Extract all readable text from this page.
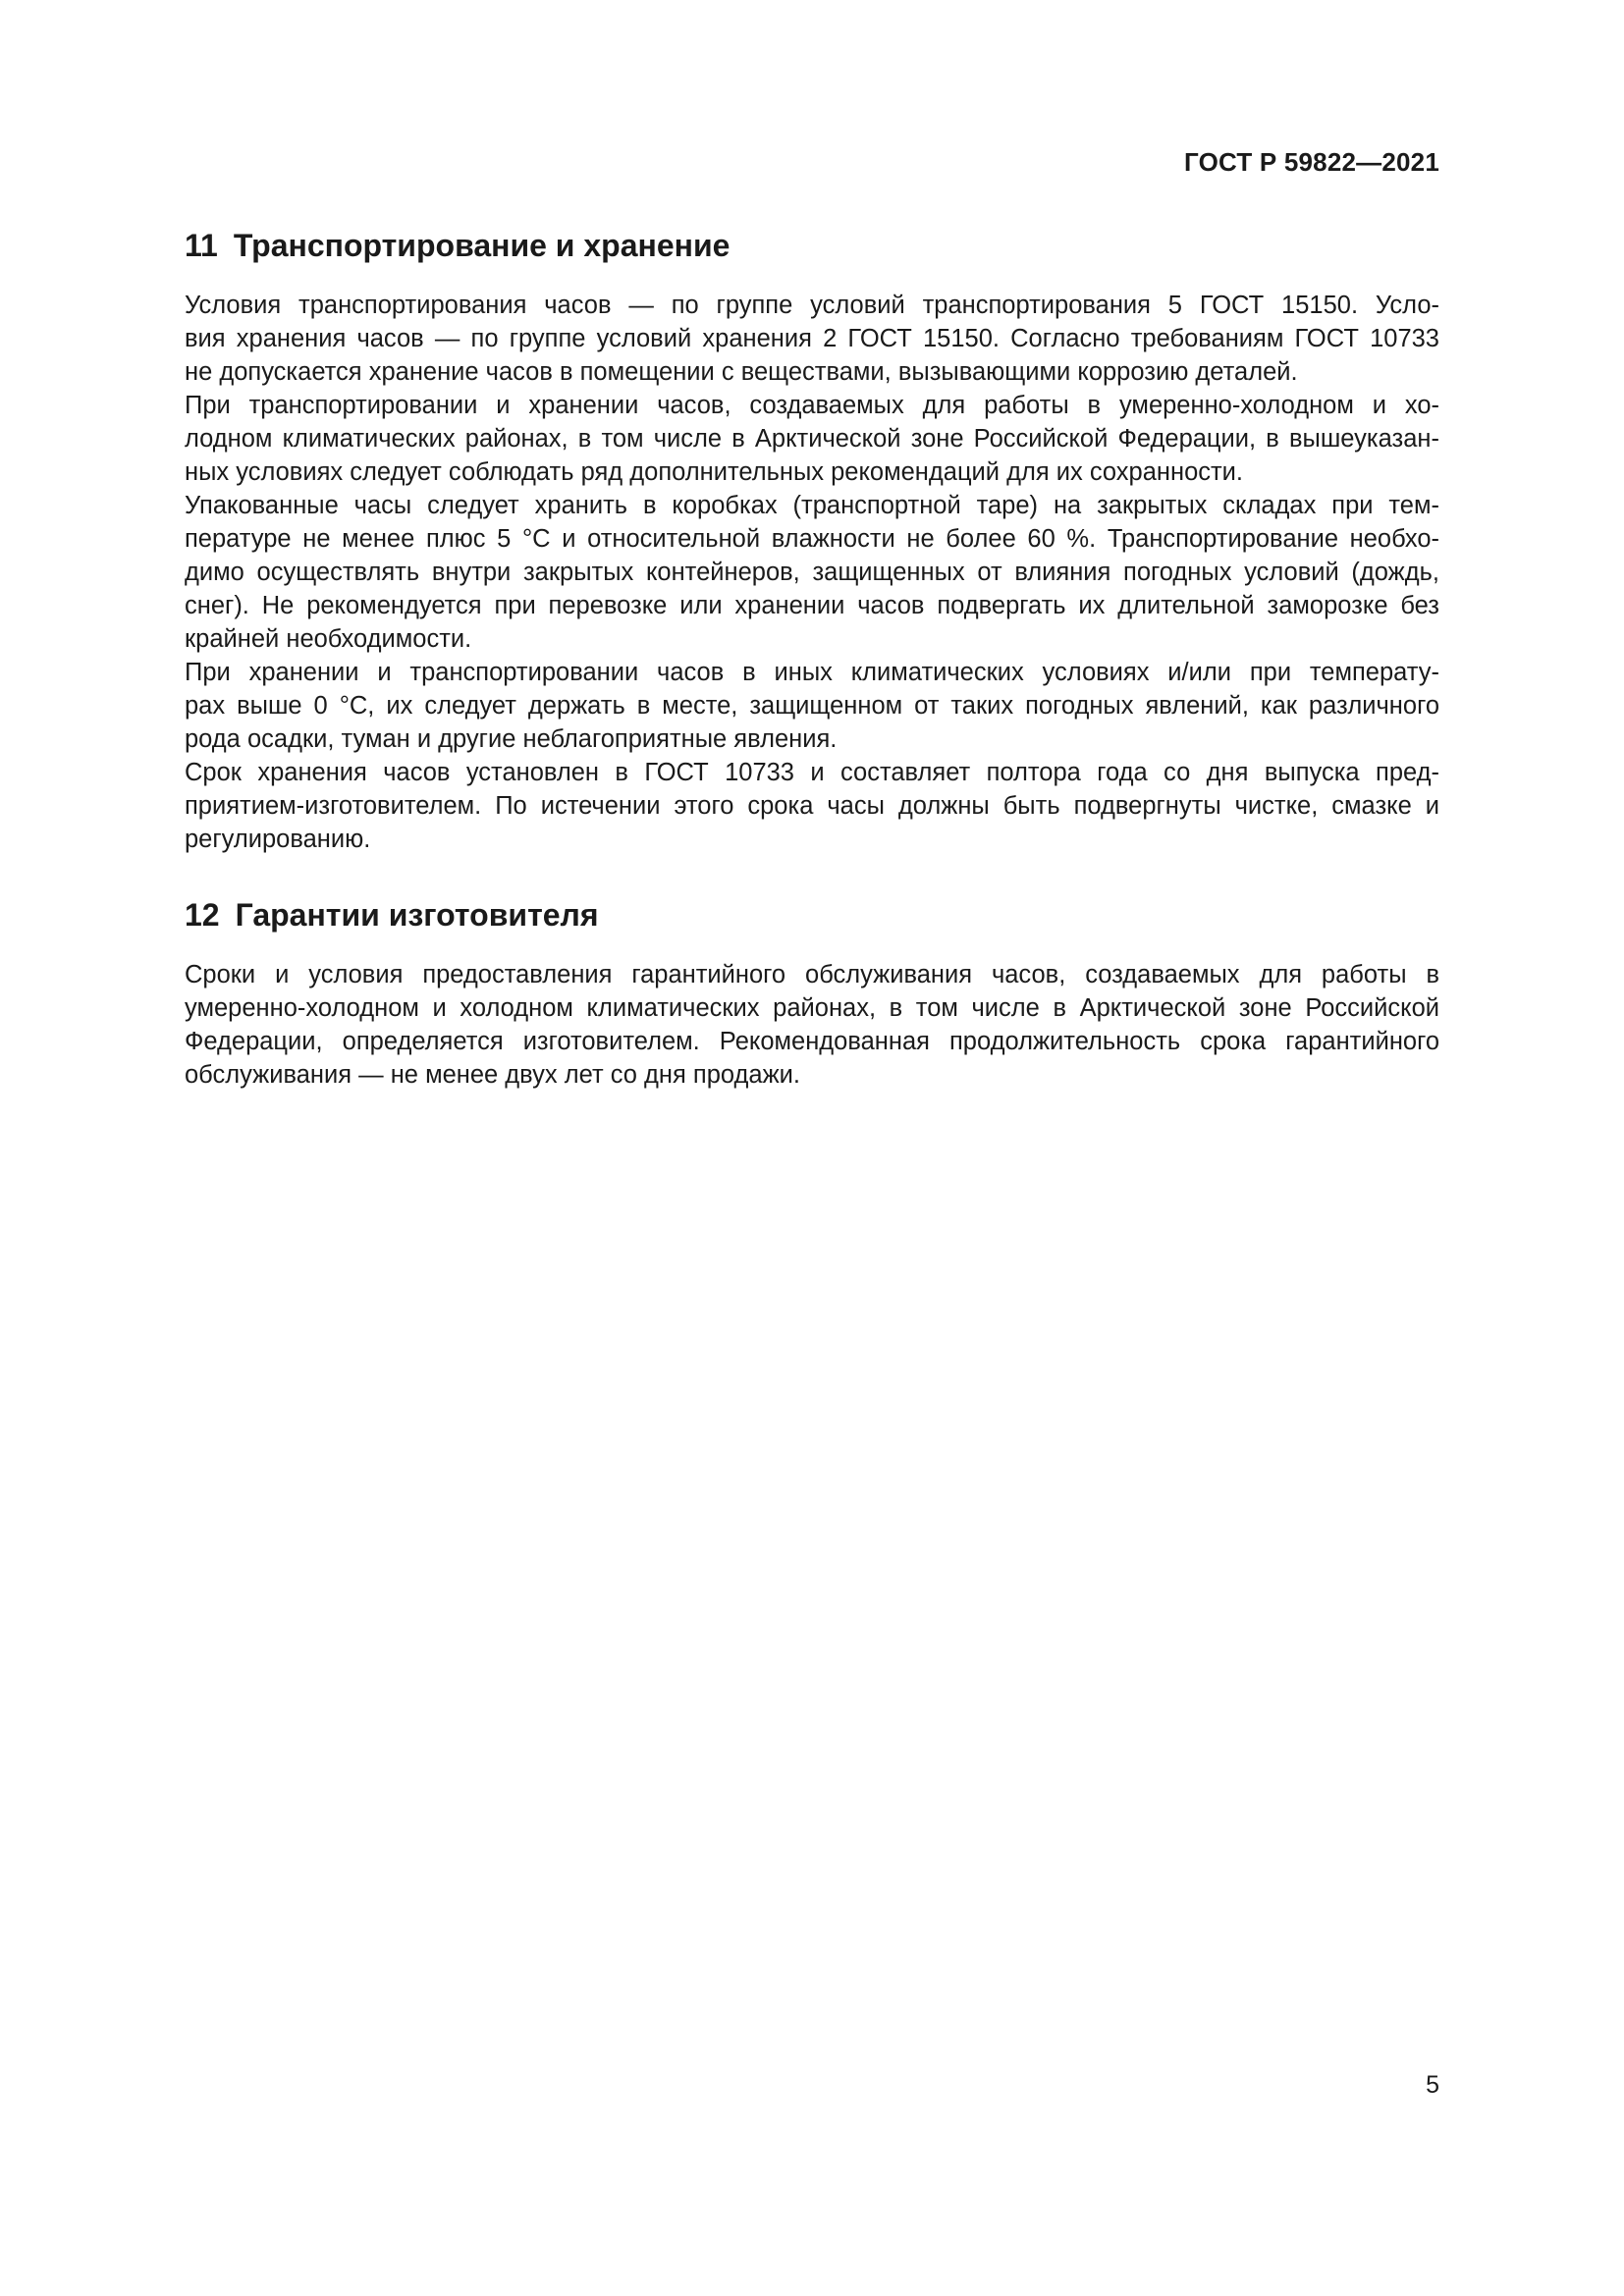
ГОСТ Р 59822—2021
11 Транспортирование и хранение
Условия транспортирования часов — по группе условий транспортирования 5 ГОСТ 15150. Усло-
вия хранения часов — по группе условий хранения 2 ГОСТ 15150. Согласно требованиям ГОСТ 10733
не допускается хранение часов в помещении с веществами, вызывающими коррозию деталей.
При транспортировании и хранении часов, создаваемых для работы в умеренно-холодном и хо-
лодном климатических районах, в том числе в Арктической зоне Российской Федерации, в вышеуказан-
ных условиях следует соблюдать ряд дополнительных рекомендаций для их сохранности.
Упакованные часы следует хранить в коробках (транспортной таре) на закрытых складах при тем-
пературе не менее плюс 5 °С и относительной влажности не более 60 %. Транспортирование необхо-
димо осуществлять внутри закрытых контейнеров, защищенных от влияния погодных условий (дождь,
снег). Не рекомендуется при перевозке или хранении часов подвергать их длительной заморозке без
крайней необходимости.
При хранении и транспортировании часов в иных климатических условиях и/или при температу-
рах выше 0 °С, их следует держать в месте, защищенном от таких погодных явлений, как различного
рода осадки, туман и другие неблагоприятные явления.
Срок хранения часов установлен в ГОСТ 10733 и составляет полтора года со дня выпуска пред-
приятием-изготовителем. По истечении этого срока часы должны быть подвергнуты чистке, смазке и
регулированию.
12 Гарантии изготовителя
Сроки и условия предоставления гарантийного обслуживания часов, создаваемых для работы в
умеренно-холодном и холодном климатических районах, в том числе в Арктической зоне Российской
Федерации, определяется изготовителем. Рекомендованная продолжительность срока гарантийного
обслуживания — не менее двух лет со дня продажи.
5
